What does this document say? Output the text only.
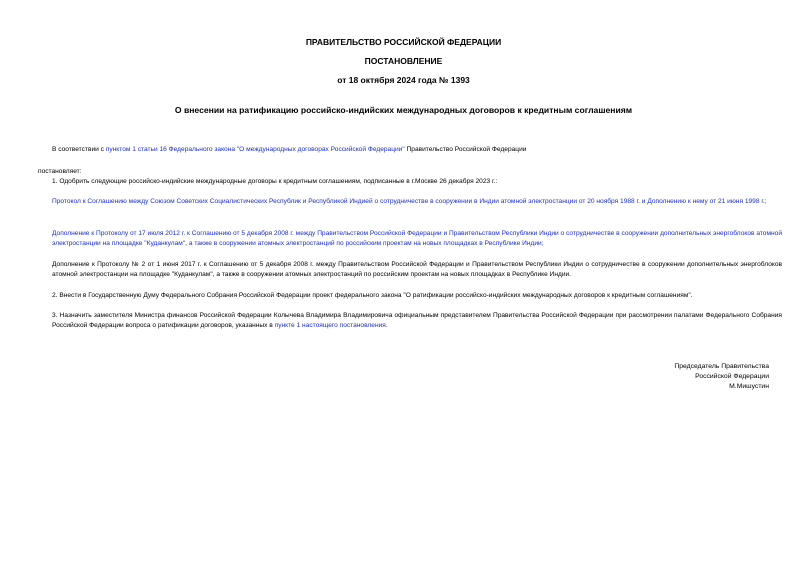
ПРАВИТЕЛЬСТВО РОССИЙСКОЙ ФЕДЕРАЦИИ
ПОСТАНОВЛЕНИЕ
от 18 октября 2024 года № 1393
О внесении на ратификацию российско-индийских международных договоров к кредитным соглашениям
В соответствии с пунктом 1 статьи 16 Федерального закона "О международных договорах Российской Федерации" Правительство Российской Федерации
постановляет:
1. Одобрить следующие российско-индийские международные договоры к кредитным соглашениям, подписанные в г.Москве 26 декабря 2023 г.:
Протокол к Соглашению между Союзом Советских Социалистических Республик и Республикой Индией о сотрудничестве в сооружении в Индии атомной электростанции от 20 ноября 1988 г. и Дополнению к нему от 21 июня 1998 г.;
Дополнение к Протоколу от 17 июля 2012 г. к Соглашению от 5 декабря 2008 г. между Правительством Российской Федерации и Правительством Республики Индии о сотрудничестве в сооружении дополнительных энергоблоков атомной электростанции на площадке "Куданкулам", а также в сооружении атомных электростанций по российским проектам на новых площадках в Республике Индии;
Дополнение к Протоколу № 2 от 1 июня 2017 г. к Соглашению от 5 декабря 2008 г. между Правительством Российской Федерации и Правительством Республики Индии о сотрудничестве в сооружении дополнительных энергоблоков атомной электростанции на площадке "Куданкулам", а также в сооружении атомных электростанций по российским проектам на новых площадках в Республике Индии.
2. Внести в Государственную Думу Федерального Собрания Российской Федерации проект федерального закона "О ратификации российско-индийских международных договоров к кредитным соглашениям".
3. Назначить заместителя Министра финансов Российской Федерации Колычева Владимира Владимировича официальным представителем Правительства Российской Федерации при рассмотрении палатами Федерального Собрания Российской Федерации вопроса о ратификации договоров, указанных в пункте 1 настоящего постановления.
Председатель Правительства
Российской Федерации
М.Мишустин
